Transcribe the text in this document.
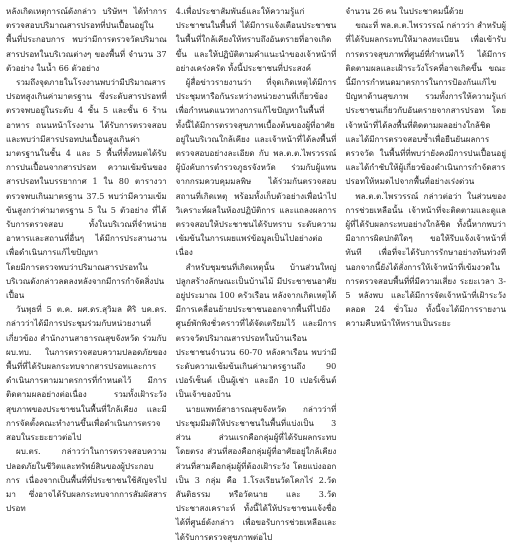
หลังเกิดเหตุการณ์ดังกล่าว บริษัทฯ ได้ทำการตรวจสอบปริมาณสารปรอทที่ปนเปื้อนอยู่ในพื้นที่ประกอบการ พบว่ามีการตรวจวัดปริมาณสารปรอทในบริเวณต่างๆ ของพื้นที่ จำนวน 37 ตัวอย่าง ในน้ำ 66 ตัวอย่าง

รวมถึงจุดภายในโรงงานพบว่ามีปริมาณสารปรอทสูงเกินค่ามาตรฐาน ซึ่งระดับสารปรอทที่ตรวจพบอยู่ในระดับ 4 ชั้น 5 และชั้น 6 ร้านอาหาร ถนนหน้าโรงงาน ได้รับการตรวจสอบและพบว่ามีสารปรอทปนเปื้อนสูงเกินค่ามาตรฐานในชั้น 4 และ 5 พื้นที่ทั้งหมดได้รับการปนเปื้อนจากสารปรอท ความเข้มข้นของสารปรอทในบรรยากาศ 1 ใน 80 ตารางวา ตรวจพบเกินมาตรฐาน 37.5 พบว่ามีความเข้มข้นสูงกว่าค่ามาตรฐาน 5 ใน 5 ตัวอย่าง ที่ได้รับการตรวจสอบ ทั้งในบริเวณที่จำหน่ายอาหารและสถานที่อื่นๆ ได้มีการประสานงานเพื่อดำเนินการแก้ไขปัญหา

โดยมีการตรวจพบว่าปริมาณสารปรอทในบริเวณดังกล่าวลดลงหลังจากมีการกำจัดสิ่งปนเปื้อน

วันพุธที่ 5 ต.ค. ผศ.ดร.สุวิมล ศิริ บค.ดร. กล่าวว่าได้มีการประชุมร่วมกับหน่วยงานที่เกี่ยวข้อง สำนักงานสาธารณสุขจังหวัด ร่วมกับ ผบ.ทบ. ในการตรวจสอบความปลอดภัยของพื้นที่ที่ได้รับผลกระทบจากสารปรอทและการดำเนินการตามมาตรการที่กำหนดไว้ มีการติดตามผลอย่างต่อเนื่อง รวมทั้งเฝ้าระวังสุขภาพของประชาชนในพื้นที่ใกล้เคียง และมีการจัดตั้งคณะทำงานขึ้นเพื่อดำเนินการตรวจสอบในระยะยาวต่อไป

ผบ.ตร. กล่าวว่าในการตรวจสอบความปลอดภัยในชีวิตและทรัพย์สินของผู้ประกอบการ เนื่องจากเป็นพื้นที่ที่ประชาชนใช้สัญจรไปมา ซึ่งอาจได้รับผลกระทบจากการสัมผัสสารปรอท

4.เพื่อประชาสัมพันธ์และให้ความรู้แก่ประชาชนในพื้นที่ ได้มีการแจ้งเตือนประชาชนในพื้นที่ใกล้เคียงให้ทราบถึงอันตรายที่อาจเกิดขึ้น และให้ปฏิบัติตามคำแนะนำของเจ้าหน้าที่อย่างเคร่งครัด ทั้งนี้ประชาชนที่ประสงค์

ผู้สื่อข่าวรายงานว่า ที่จุดเกิดเหตุได้มีการประชุมหารือกันระหว่างหน่วยงานที่เกี่ยวข้องเพื่อกำหนดแนวทางการแก้ไขปัญหาในพื้นที่ ทั้งนี้ได้มีการตรวจสุขภาพเบื้องต้นของผู้ที่อาศัยอยู่ในบริเวณใกล้เคียง และเจ้าหน้าที่ได้ลงพื้นที่ตรวจสอบอย่างละเอียด กับ พล.ต.ต.ไพรวรรณ์ ผู้บังคับการตำรวจภูธรจังหวัด ร่วมกับผู้แทนจากกรมควบคุมมลพิษ ได้ร่วมกันตรวจสอบสถานที่เกิดเหตุ พร้อมทั้งเก็บตัวอย่างเพื่อนำไปวิเคราะห์ผลในห้องปฏิบัติการ และแถลงผลการตรวจสอบให้ประชาชนได้รับทราบ ระดับความเข้มข้นในการเผยแพร่ข้อมูลเป็นไปอย่างต่อเนื่อง

สำหรับชุมชนที่เกิดเหตุนั้น บ้านส่วนใหญ่ปลูกสร้างลักษณะเป็นบ้านไม้ มีประชาชนอาศัยอยู่ประมาณ 100 ครัวเรือน หลังจากเกิดเหตุได้มีการเคลื่อนย้ายประชาชนออกจากพื้นที่ไปยังศูนย์พักพิงชั่วคราวที่ได้จัดเตรียมไว้ และมีการตรวจวัดปริมาณสารปรอทในบ้านเรือนประชาชนจำนวน 60-70 หลังคาเรือน พบว่ามีระดับความเข้มข้นเกินค่ามาตรฐานถึง 90 เปอร์เซ็นต์ เป็นผู้เช่า และอีก 10 เปอร์เซ็นต์เป็นเจ้าของบ้าน

นายแพทย์สาธารณสุขจังหวัด กล่าวว่าที่ประชุมมีมติให้ประชาชนในพื้นที่แบ่งเป็น 3 ส่วน ส่วนแรกคือกลุ่มผู้ที่ได้รับผลกระทบโดยตรง ส่วนที่สองคือกลุ่มผู้ที่อาศัยอยู่ใกล้เคียง ส่วนที่สามคือกลุ่มผู้ที่ต้องเฝ้าระวัง โดยแบ่งออกเป็น 3 กลุ่ม คือ 1.โรงเรียนวัดโคกไร่ 2.วัดสันติธรรม หรือวัดนาย และ 3.วัดประชาสงเคราะห์ ทั้งนี้ได้ให้ประชาชนแจ้งชื่อได้ที่ศูนย์ดังกล่าว เพื่อขอรับการช่วยเหลือและได้รับการตรวจสุขภาพต่อไป

จำนวน 26 คน ในประชาคมนี้ด้วย

ขณะที่ พล.ต.ต.ไพรวรรณ์ กล่าวว่า สำหรับผู้ที่ได้รับผลกระทบให้มาลงทะเบียน เพื่อเข้ารับการตรวจสุขภาพที่ศูนย์ที่กำหนดไว้ ได้มีการติดตามผลและเฝ้าระวังโรคที่อาจเกิดขึ้น ขณะนี้มีการกำหนดมาตรการในการป้องกันแก้ไข ปัญหาด้านสุขภาพ รวมทั้งการให้ความรู้แก่ประชาชนเกี่ยวกับอันตรายจากสารปรอท โดยเจ้าหน้าที่ได้ลงพื้นที่ติดตามผลอย่างใกล้ชิด และได้มีการตรวจสอบซ้ำเพื่อยืนยันผลการตรวจวัด ในพื้นที่ที่พบว่ายังคงมีการปนเปื้อนอยู่ และได้กำชับให้ผู้เกี่ยวข้องดำเนินการกำจัดสารปรอทให้หมดไปจากพื้นที่อย่างเร่งด่วน

พล.ต.ต.ไพรวรรณ์ กล่าวต่อว่า ในส่วนของการช่วยเหลือนั้น เจ้าหน้าที่จะติดตามและดูแลผู้ที่ได้รับผลกระทบอย่างใกล้ชิด ทั้งนี้หากพบว่ามีอาการผิดปกติใดๆ ขอให้รีบแจ้งเจ้าหน้าที่ทันที เพื่อที่จะได้รับการรักษาอย่างทันท่วงที นอกจากนี้ยังได้สั่งการให้เจ้าหน้าที่เข้มงวดในการตรวจสอบพื้นที่ที่มีความเสี่ยง ระยะเวลา 3-5 หลังพบ และได้มีการจัดเจ้าหน้าที่เฝ้าระวังตลอด 24 ชั่วโมง ทั้งนี้จะได้มีการรายงานความคืบหน้าให้ทราบเป็นระยะ
